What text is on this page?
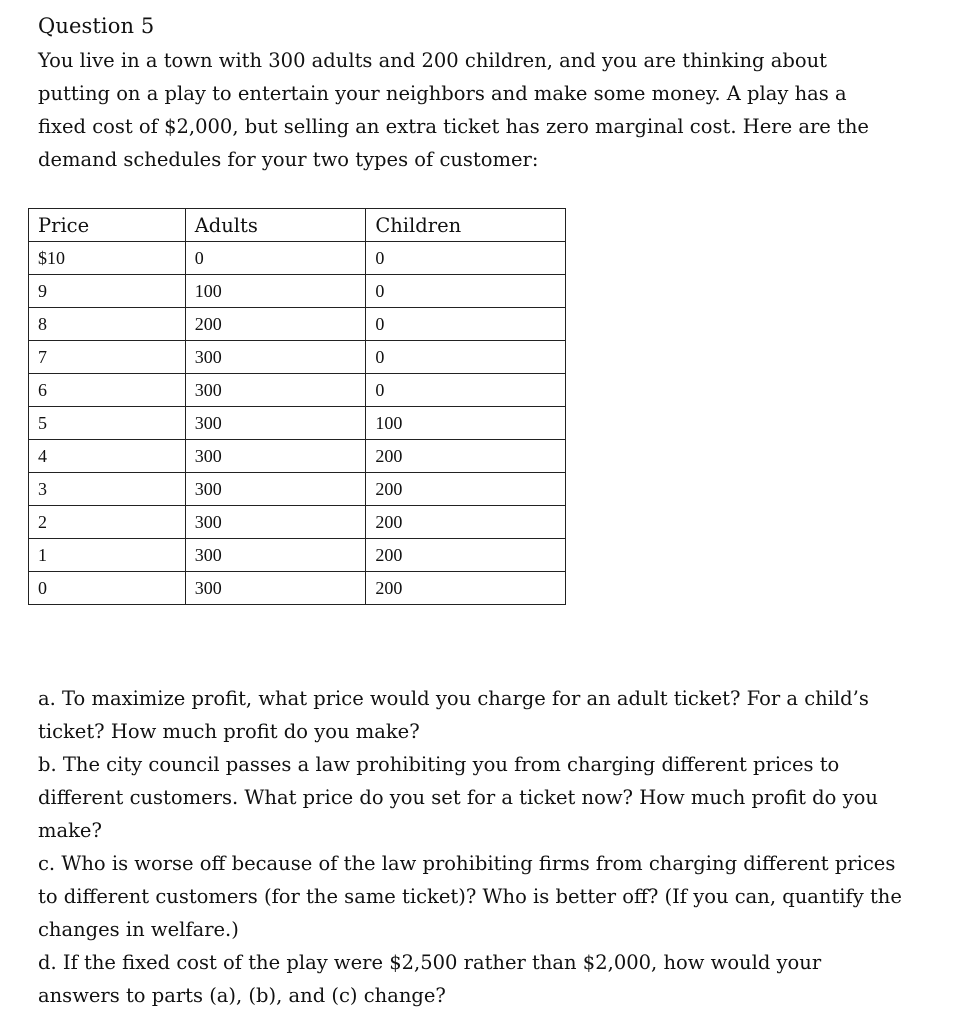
Question 5
You live in a town with 300 adults and 200 children, and you are thinking about
putting on a play to entertain your neighbors and make some money. A play has a
fixed cost of $2,000, but selling an extra ticket has zero marginal cost. Here are the
demand schedules for your two types of customer:
Price	Adults	Children
$10	0	0
9	100	0
8	200	0
7	300	0
6	300	0
5	300	100
4	300	200
3	300	200
2	300	200
1	300	200
0	300	200
a. To maximize profit, what price would you charge for an adult ticket? For a child’s
ticket? How much profit do you make?
b. The city council passes a law prohibiting you from charging different prices to
different customers. What price do you set for a ticket now? How much profit do you
make?
c. Who is worse off because of the law prohibiting firms from charging different prices
to different customers (for the same ticket)? Who is better off? (If you can, quantify the
changes in welfare.)
d. If the fixed cost of the play were $2,500 rather than $2,000, how would your
answers to parts (a), (b), and (c) change?
